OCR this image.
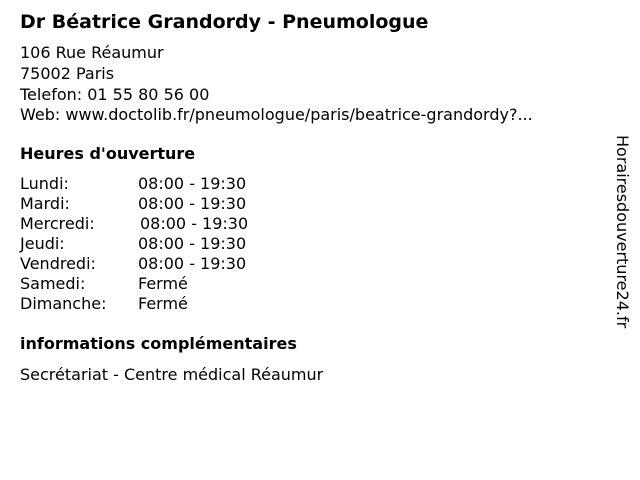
Dr Béatrice Grandordy - Pneumologue
106 Rue Réaumur
75002 Paris
Telefon: 01 55 80 56 00
Web: www.doctolib.fr/pneumologue/paris/beatrice-grandordy?...
Heures d'ouverture
Lundi:	08:00 - 19:30
Mardi:	08:00 - 19:30
Mercredi:	08:00 - 19:30
Jeudi:	08:00 - 19:30
Vendredi:	08:00 - 19:30
Samedi:	Fermé
Dimanche: Fermé
informations complémentaires
Secrétariat - Centre médical Réaumur
Horairesdouverture24.fr
